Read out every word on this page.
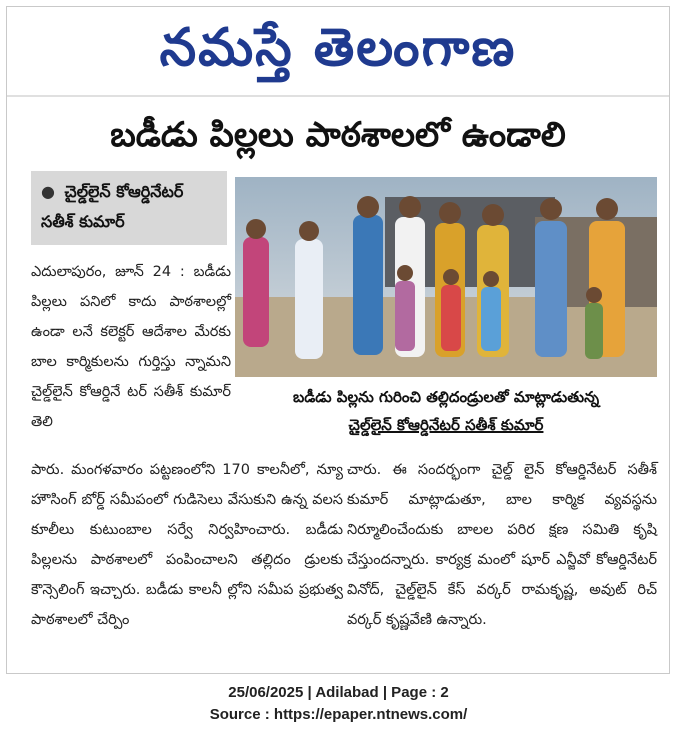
నమస్తే తెలంగాణ
బడీడు పిల్లలు పాఠశాలలో ఉండాలి
● చైల్డ్‌లైన్ కోఆర్డినేటర్
సతీశ్ కుమార్
బడీడు పిల్లను గురించి తల్లిదండ్రులతో మాట్లాడుతున్న
చైల్డ్‌లైన్ కోఆర్డినేటర్ సతీశ్ కుమార్
ఎదులాపురం, జూన్ 24 : బడీడు పిల్లలు పనిలో కాదు పాఠశాలల్లో ఉండా లనే కలెక్టర్ ఆదేశాల మేరకు బాల కార్మికులను గుర్తిస్తు న్నామని చైల్డ్‌లైన్ కోఆర్డినే టర్ సతీశ్ కుమార్ తెలి
పారు. మంగళవారం పట్టణంలోని 170 కాలనీలో, న్యూ హౌసింగ్ బోర్డ్ సమీపంలో గుడిసెలు వేసుకుని ఉన్న వలస కూలీలు కుటుంబాల సర్వే నిర్వహించారు. బడీడు పిల్లలను పాఠశాలలో పంపించాలని తల్లిదం డ్రులకు కౌన్సెలింగ్ ఇచ్చారు. బడీడు కాలనీ ల్లోని సమీప ప్రభుత్వ పాఠశాలలో చేర్పిం
చారు. ఈ సందర్భంగా చైల్డ్ లైన్ కోఆర్డినేటర్ సతీశ్ కుమార్ మాట్లాడుతూ, బాల కార్మిక వ్యవస్థను నిర్మూలించేందుకు బాలల పరిర క్షణ సమితి కృషి చేస్తుందన్నారు. కార్యక్ర మంలో షూర్ ఎన్జీవో కోఆర్డినేటర్ వినోద్, చైల్డ్‌లైన్ కేస్ వర్కర్ రామకృష్ణ, అవుట్ రిచ్ వర్కర్ కృష్ణవేణి ఉన్నారు.
25/06/2025 | Adilabad | Page : 2
Source : https://epaper.ntnews.com/
